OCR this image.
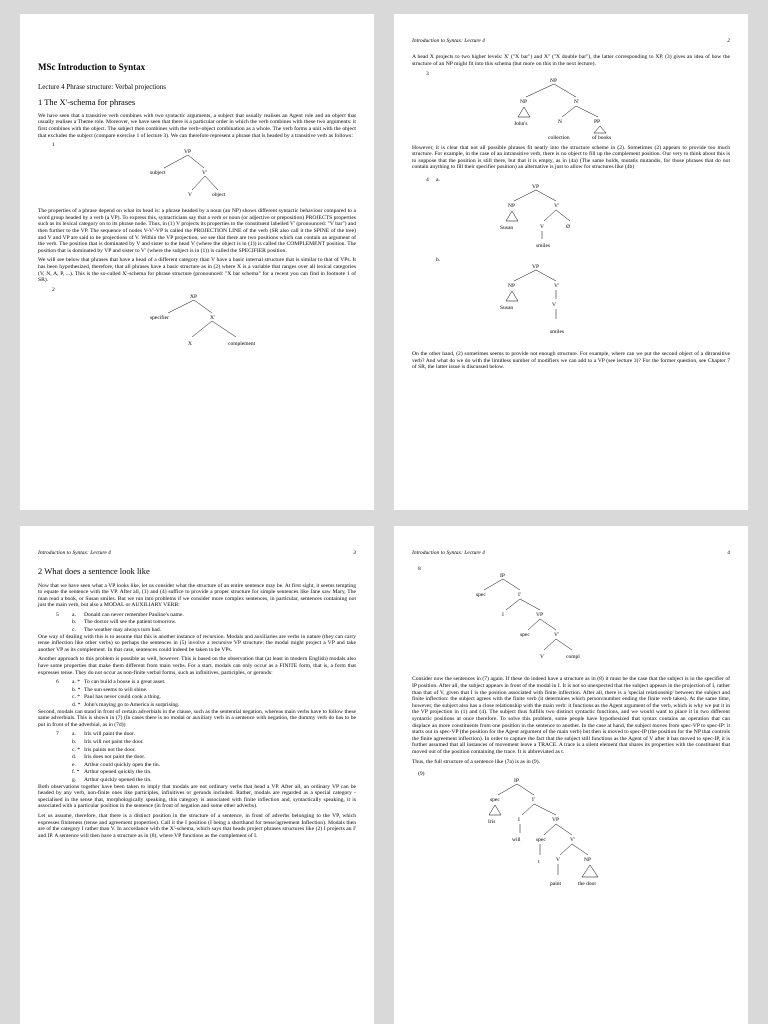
MSc Introduction to Syntax
Lecture 4 Phrase structure: Verbal projections
1 The X'-schema for phrases

We have seen that a transitive verb combines with two syntactic arguments, a subject that usually realises an Agent role and an object that usually realises a Theme role. Moreover, we have seen that there is a particular order in which the verb combines with these two arguments: it first combines with the object. The subject then combines with the verb+object combination as a whole. The verb forms a unit with the object that excludes the subject (compare exercise 1 of lecture 3). We can therefore represent a phrase that is headed by a transitive verb as follows:

1
VP
subject	V'
V	object

The properties of a phrase depend on what its head is: a phrase headed by a noun (an NP) shows different syntactic behaviour compared to a word group headed by a verb (a VP). To express this, syntacticians say that a verb or noun (or adjective or preposition) PROJECTS properties such as its lexical category on to its phrase node. Thus, in (1) V projects its properties to the constituent labelled V' (pronounced: "V bar") and then further to the VP. The sequence of nodes V-V'-VP is called the PROJECTION LINE of the verb (SR also call it the SPINE of the tree) and V and VP are said to be projections of V. Within the VP projection, we see that there are two positions which can contain an argument of the verb. The position that is dominated by V and sister to the head V (where the object is in (1)) is called the COMPLEMENT position. The position that is dominated by VP and sister to V' (where the subject is in (1)) is called the SPECIFIER position.

We will see below that phrases that have a head of a different category than V have a basic internal structure that is similar to that of VPs. It has been hypothesized, therefore, that all phrases have a basic structure as in (2) where X is a variable that ranges over all lexical categories (V, N, A, P, ...). This is the so-called X'-schema for phrase structure (pronounced: "X bar schema" for a recent you can find in footnote 1 of SR).

2
XP
specifier	X'
X	complement
Introduction to Syntax: Lecture 4	2

A head X projects to two higher levels: X' ("X bar") and X'' ("X double bar"), the latter corresponding to XP. (3) gives an idea of how the structure of an NP might fit into this schema (but more on this in the next lecture).

3
NP
NP	N'
John's	N	PP
collection	of books

However, it is clear that not all possible phrases fit neatly into the structure scheme in (2). Sometimes (2) appears to provide too much structure. For example, in the case of an intransitive verb, there is no object to fill up the complement position. Our very to think about this is to suppose that the position is still there, but that it is empty, as in (4a) (The same holds, mutatis mutandis, for those phrases that do not contain anything to fill their specifier position) an alternative is just to allow for structures like (4b)

4	a.
VP
NP	V'
Susan	V	Ø
smiles
b.
VP
NP	V'
Susan	V
smiles

On the other hand, (2) sometimes seems to provide not enough structure. For example, where can we put the second object of a ditransitive verb? And what do we do with the limitless number of modifiers we can add to a VP (see lecture 3)? For the former question, see Chapter 7 of SR, the latter issue is discussed below.

Introduction to Syntax: Lecture 4	3
2 What does a sentence look like

Now that we have seen what a VP looks like, let us consider what the structure of an entire sentence may be. At first sight, it seems tempting to equate the sentence with the VP. After all, (1) and (4) suffice to provide a proper structure for simple sentences like Jane saw Mary, The man read a book, or Susan smiles. But we run into problems if we consider more complex sentences, in particular, sentences containing not just the main verb, but also a MODAL or AUXILIARY VERB:

5	a.	Donald can never remember Pauline's name.
b.	The doctor will see the patient tomorrow.
c.	The weather may always turn bad.

One way of dealing with this is to assume that this is another instance of recursion. Modals and auxiliaries are verbs in nature (they can carry tense inflection like other verbs) so perhaps the sentences in (5) involve a recursive VP structure: the modal might project a VP and take another VP as its complement. In that case, sentences could indeed be taken to be VPs.

Another approach to this problem is possible as well, however. This is based on the observation that (at least in modern English) modals also have some properties that make them different from main verbs. For a start, modals can only occur as a FINITE form, that is, a form that expresses tense. They do not occur as non-finite verbal forms, such as infinitives, participles, or gerunds:

6	a. * To can build a house is a great asset.
b. * The sun seems to will shine.
c. * Paul has never could cook a thing.
d. * John's maying go to America is surprising.

Second, modals can stand in front of certain adverbials in the clause, such as the sentential negation, whereas main verbs have to follow these same adverbials. This is shown in (7) (In cases there is no modal or auxiliary verb in a sentence with negation, the dummy verb do has to be put in front of the adverbial, as in (7d))

7	a.	Iris will paint the door.
b.	Iris will not paint the door.
c. * Iris paints not the door.
d.	Iris does not paint the door.
e.	Arthur could quickly open the tin.
f. * Arthur opened quickly the tin.
g.	Arthur quickly opened the tin.

Both observations together have been taken to imply that modals are not ordinary verbs that head a VP. After all, an ordinary VP can be headed by any verb, non-finite ones like participles, infinitives or gerunds included. Rather, modals are regarded as a special category - specialised in the sense that, morphologically speaking, this category is associated with finite inflection and, syntactically speaking, it is associated with a particular position in the sentence (in front of negation and some other adverbs).

Let us assume, therefore, that there is a distinct position in the structure of a sentence, in front of adverbs belonging to the VP, which expresses finiteness (tense and agreement properties). Call it the I position (I being a shorthand for tense/agreement Inflection). Modals then are of the category I rather than V. In accordance with the X'-schema, which says that heads project phrases structures like (2) I projects an I' and IP. A sentence will then have a structure as in (8), where VP functions as the complement of I.

Introduction to Syntax: Lecture 4	4
8
IP
spec	I'
I	VP
spec	V'
V	compl

Consider now the sentences in (7) again. If these do indeed have a structure as in (8) it must be the case that the subject is in the specifier of IP position. After all, the subject appears in front of the modal in I. It is not so unexpected that the subject appears in the projection of I, rather than that of V, given that I is the position associated with finite inflection. After all, there is a 'special relationship' between the subject and finite inflection: the subject agrees with the finite verb (it determines which person/number ending the finite verb takes). At the same time, however, the subject also has a close relationship with the main verb: it functions as the Agent argument of the verb, which is why we put it in the VP projection in (1) and (4). The subject thus fulfills two distinct syntactic functions, and we would want to place it in two different syntactic positions at once therefore. To solve this problem, some people have hypothesized that syntax contains an operation that can displace an more constituents from one position in the sentence to another. In the case at hand, the subject moves from spec-VP to spec-IP: it starts out in spec-VP (the position for the Agent argument of the main verb) but then is moved to spec-IP (the position for the NP that controls the finite agreement inflection). In order to capture the fact that the subject still functions as the Agent of V after it has moved to spec-IP, it is further assumed that all instances of movement leave a TRACE. A trace is a silent element that shares its properties with the constituent that moved out of the position containing the trace. It is abbreviated as t.

Thus, the full structure of a sentence like (7a) is as in (9).

(9)
IP
spec	I'
Iris	I	VP
will	spec	V'
t	V	NP
paint	the door
